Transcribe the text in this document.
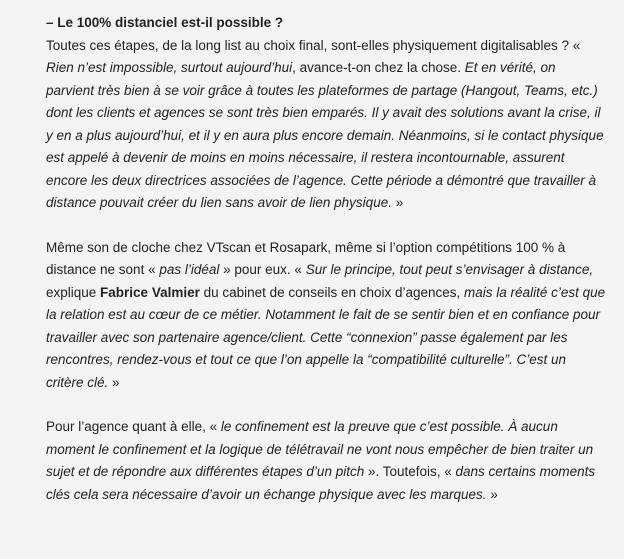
– Le 100% distanciel est-il possible ?

Toutes ces étapes, de la long list au choix final, sont-elles physiquement digitalisables ? « Rien n’est impossible, surtout aujourd’hui, avance-t-on chez la chose. Et en vérité, on parvient très bien à se voir grâce à toutes les plateformes de partage (Hangout, Teams, etc.) dont les clients et agences se sont très bien emparés. Il y avait des solutions avant la crise, il y en a plus aujourd’hui, et il y en aura plus encore demain. Néanmoins, si le contact physique est appelé à devenir de moins en moins nécessaire, il restera incontournable, assurent encore les deux directrices associées de l’agence. Cette période a démontré que travailler à distance pouvait créer du lien sans avoir de lien physique. »

Même son de cloche chez VTscan et Rosapark, même si l’option compétitions 100 % à distance ne sont « pas l’idéal » pour eux. « Sur le principe, tout peut s’envisager à distance, explique Fabrice Valmier du cabinet de conseils en choix d’agences, mais la réalité c’est que la relation est au cœur de ce métier. Notamment le fait de se sentir bien et en confiance pour travailler avec son partenaire agence/client. Cette “connexion” passe également par les rencontres, rendez-vous et tout ce que l’on appelle la “compatibilité culturelle”. C’est un critère clé. »

Pour l’agence quant à elle, « le confinement est la preuve que c’est possible. À aucun moment le confinement et la logique de télétravail ne vont nous empêcher de bien traiter un sujet et de répondre aux différentes étapes d’un pitch ». Toutefois, « dans certains moments clés cela sera nécessaire d’avoir un échange physique avec les marques. »
